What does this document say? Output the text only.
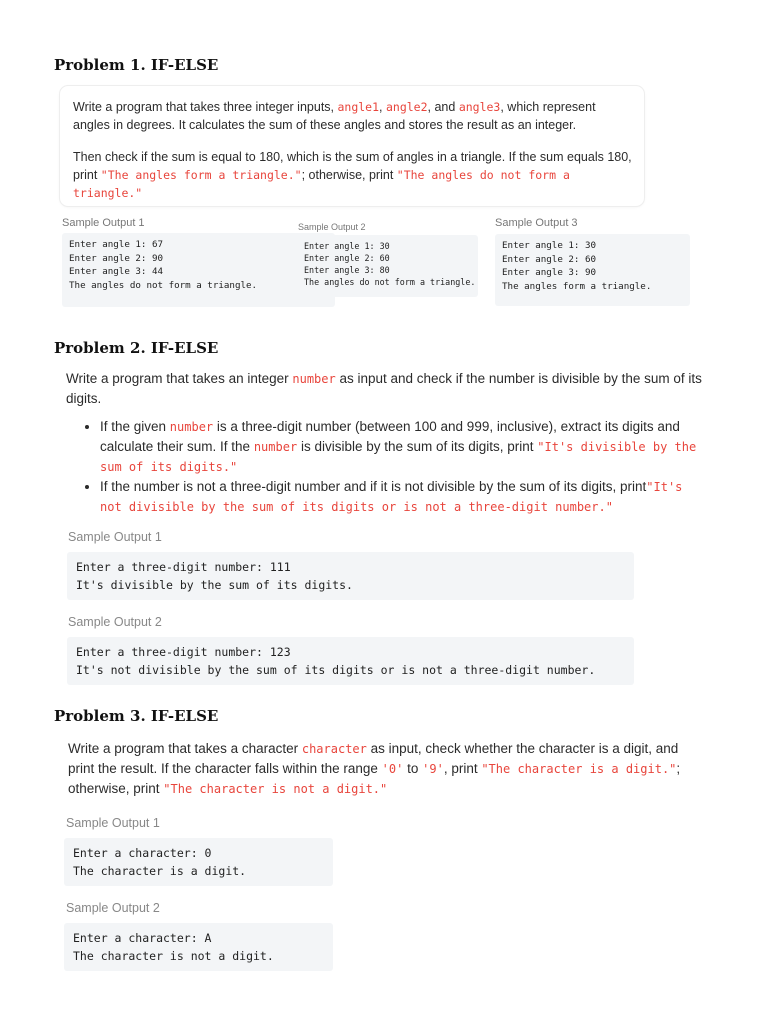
Problem 1. IF-ELSE
Write a program that takes three integer inputs, angle1, angle2, and angle3, which represent angles in degrees. It calculates the sum of these angles and stores the result as an integer.
Then check if the sum is equal to 180, which is the sum of angles in a triangle. If the sum equals 180, print "The angles form a triangle."; otherwise, print "The angles do not form a triangle."
Sample Output 1
Enter angle 1: 67
Enter angle 2: 90
Enter angle 3: 44
The angles do not form a triangle.
Sample Output 2
Enter angle 1: 30
Enter angle 2: 60
Enter angle 3: 80
The angles do not form a triangle.
Sample Output 3
Enter angle 1: 30
Enter angle 2: 60
Enter angle 3: 90
The angles form a triangle.
Problem 2. IF-ELSE
Write a program that takes an integer number as input and check if the number is divisible by the sum of its digits.
• If the given number is a three-digit number (between 100 and 999, inclusive), extract its digits and calculate their sum. If the number is divisible by the sum of its digits, print "It's divisible by the sum of its digits."
• If the number is not a three-digit number and if it is not divisible by the sum of its digits, print"It's not divisible by the sum of its digits or is not a three-digit number."
Sample Output 1
Enter a three-digit number: 111
It's divisible by the sum of its digits.
Sample Output 2
Enter a three-digit number: 123
It's not divisible by the sum of its digits or is not a three-digit number.
Problem 3. IF-ELSE
Write a program that takes a character character as input, check whether the character is a digit, and print the result. If the character falls within the range '0' to '9', print "The character is a digit."; otherwise, print "The character is not a digit."
Sample Output 1
Enter a character: 0
The character is a digit.
Sample Output 2
Enter a character: A
The character is not a digit.
